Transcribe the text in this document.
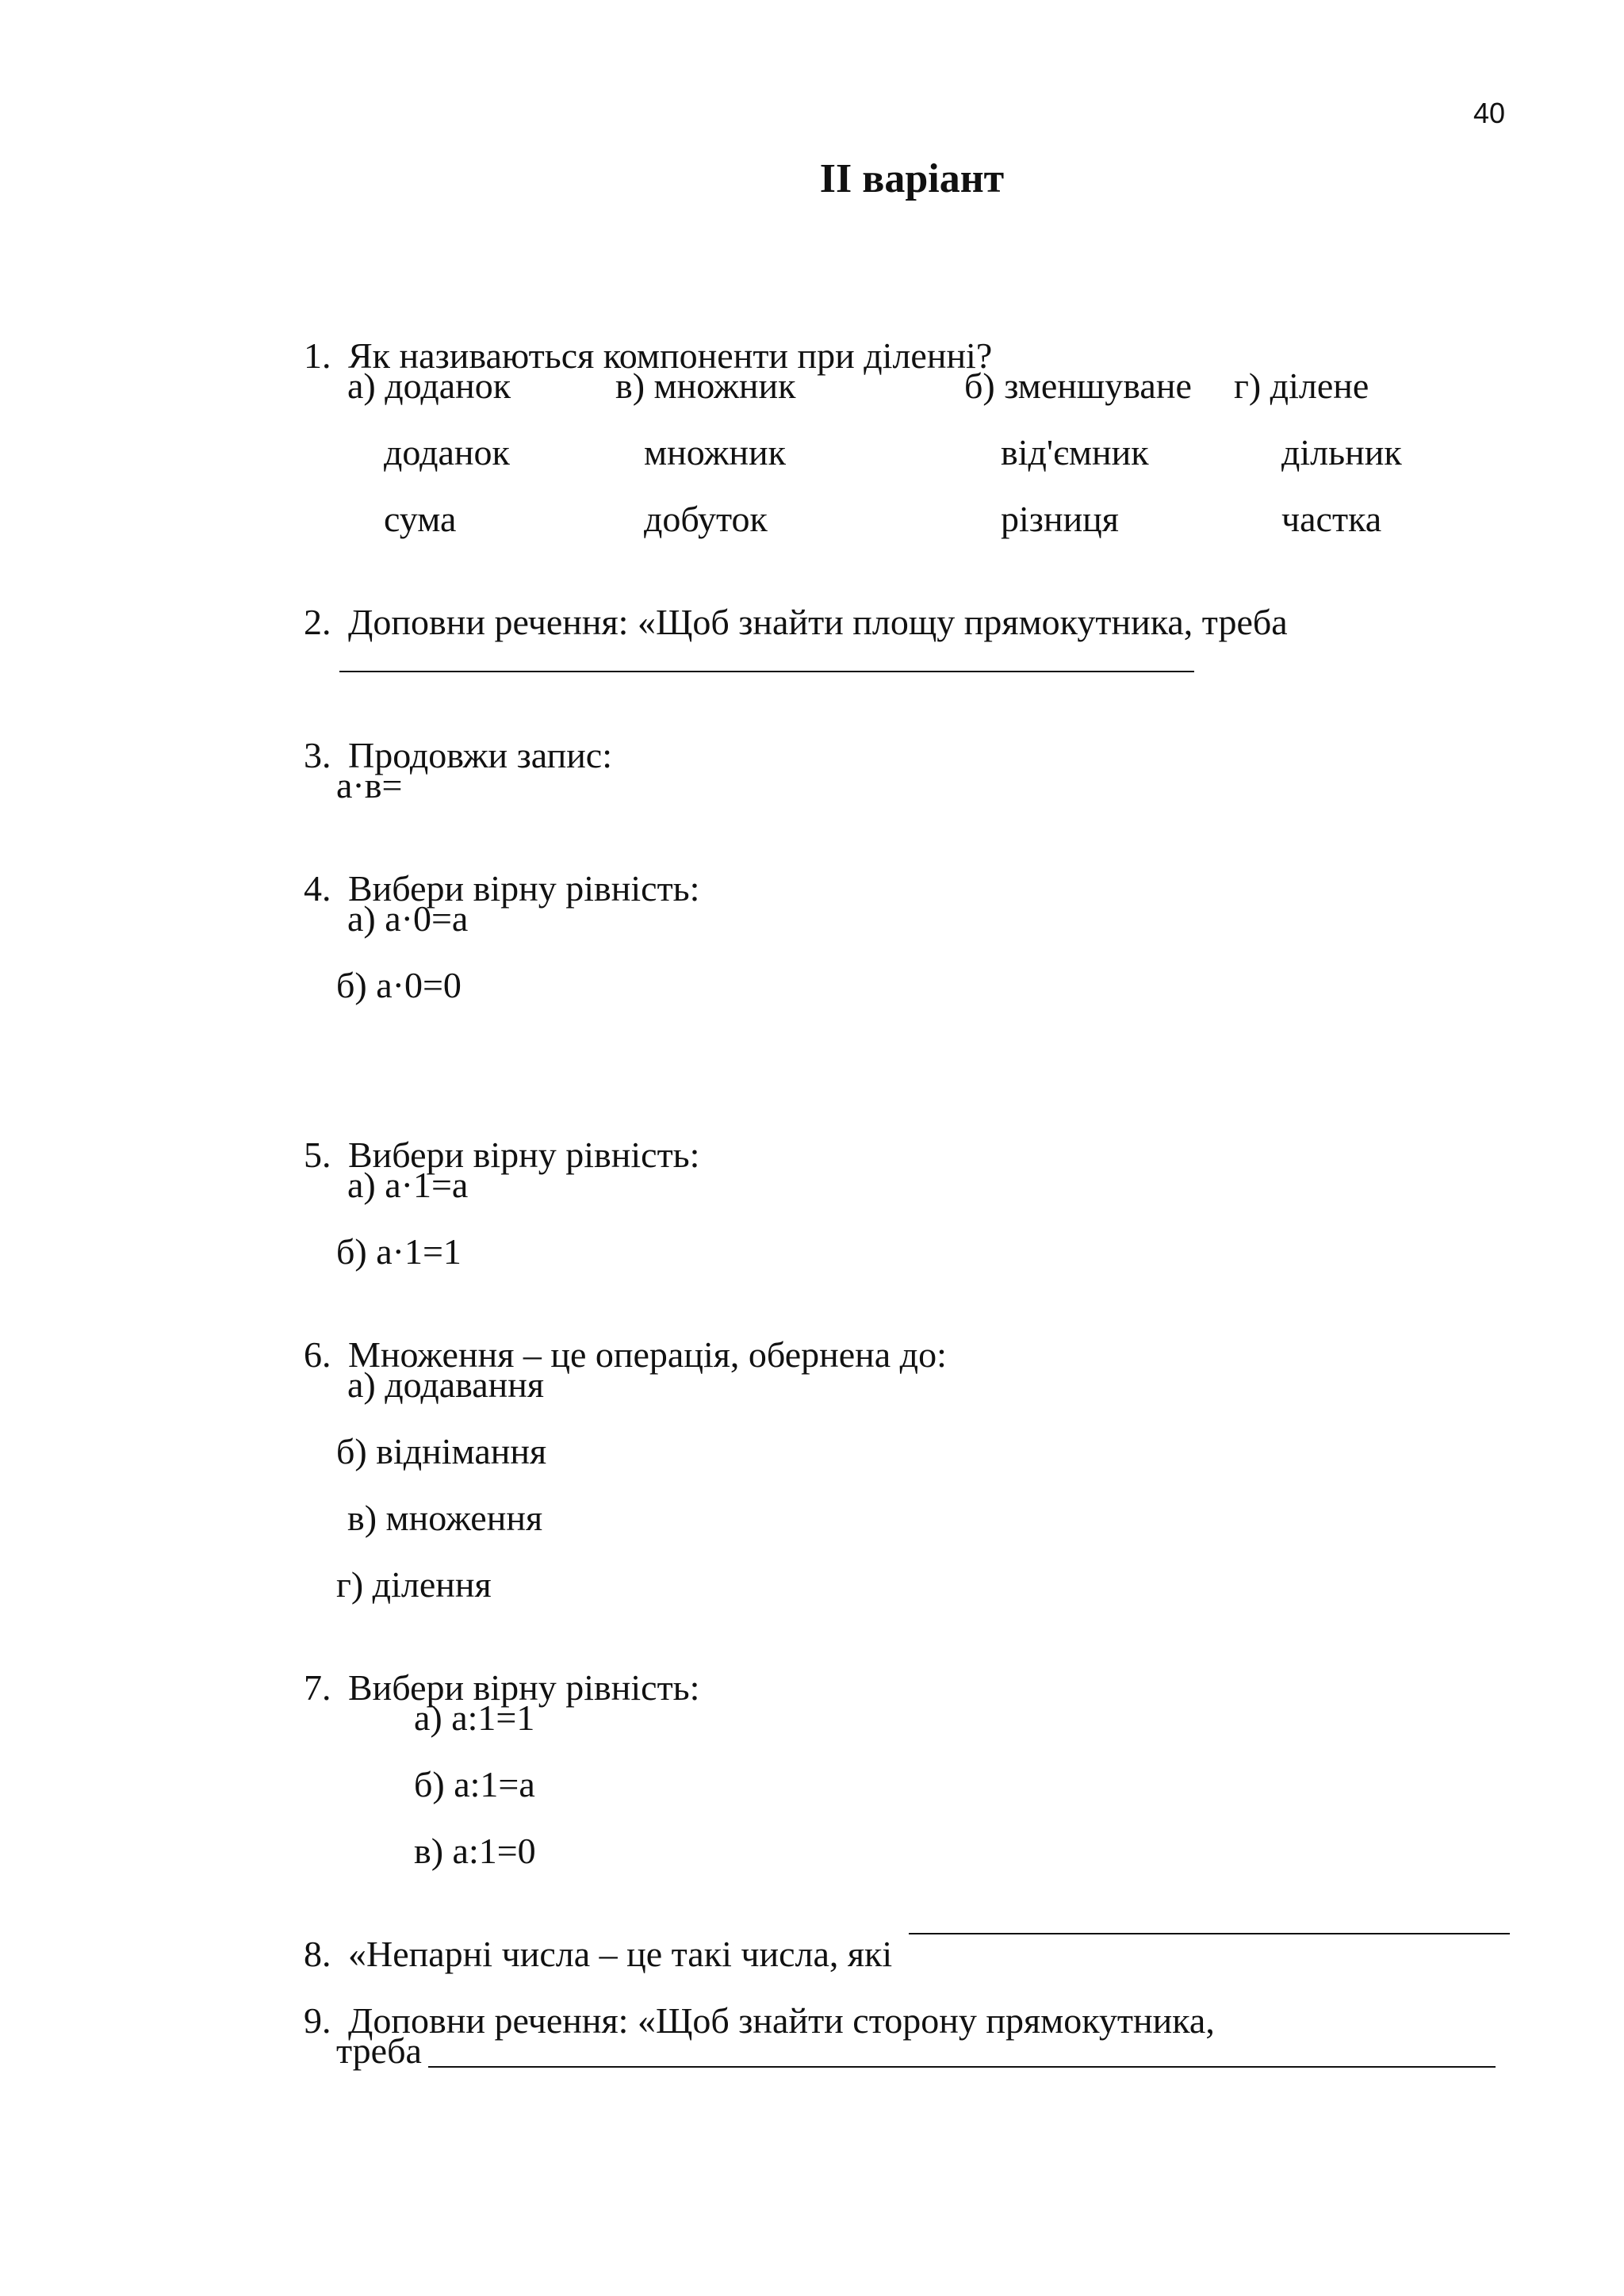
40
II варіант

1. Як називаються компоненти при діленні?

а) доданок	в) множник	б) зменшуване г) ділене
доданок	множник	від'ємник	дільник
сума	добуток	різниця	частка

2. Доповни речення: «Щоб знайти площу прямокутника, треба

3. Продовжи запис:

а·в=

4. Вибери вірну рівність:

а) а·0=а
б) а·0=0

5. Вибери вірну рівність:

а) а·1=а
б) а·1=1

6. Множення – це операція, обернена до:

а) додавання
б) віднімання
в) множення
г) ділення

7. Вибери вірну рівність:

а) а:1=1
б) а:1=а
в) а:1=0

8. «Непарні числа – це такі числа, які

9. Доповни речення: «Щоб знайти сторону прямокутника,

треба
